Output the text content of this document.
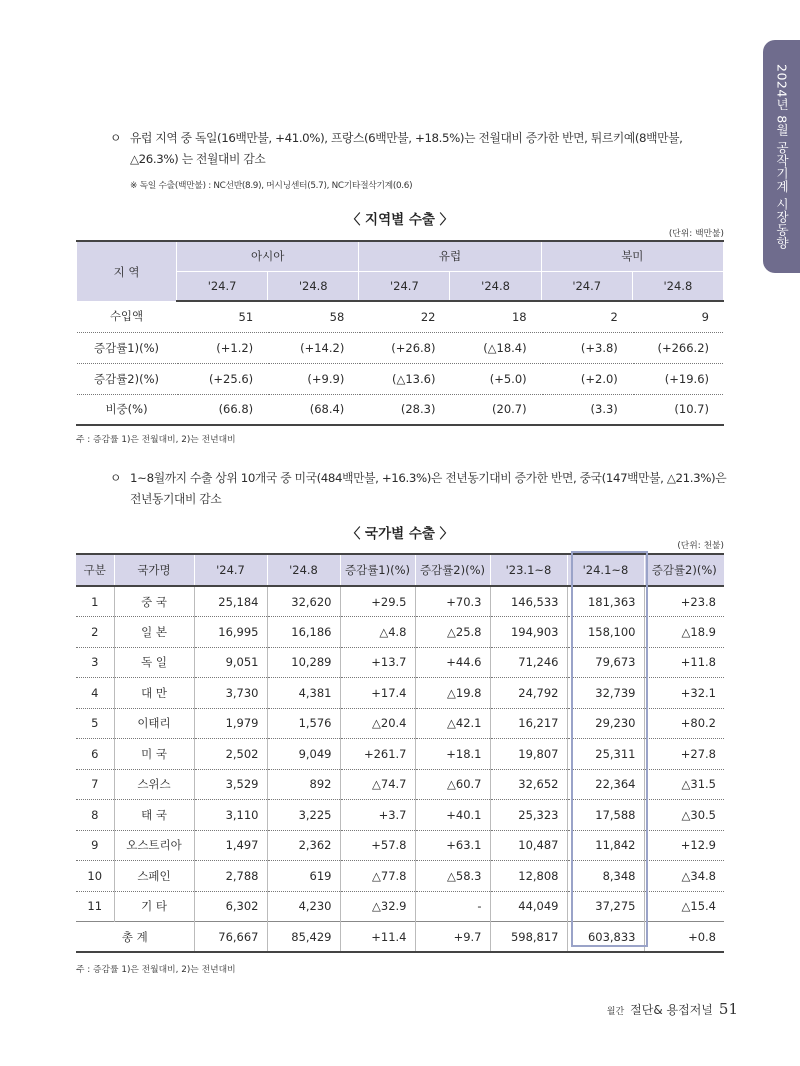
2024년 8월 공작기계 시장동향
ㅇ 유럽 지역 중 독일(16백만불, +41.0%), 프랑스(6백만불, +18.5%)는 전월대비 증가한 반면, 튀르키예(8백만불, △26.3%) 는 전월대비 감소
※ 독일 수출(백만불) : NC선반(8.9), 머시닝센터(5.7), NC기타절삭기계(0.6)
〈 지역별 수출 〉
(단위: 백만불)
지 역	아시아		유럽		북미	
	'24.7	'24.8	'24.7	'24.8	'24.7	'24.8
수입액	51	58	22	18	2	9
증감률1)(%)	(+1.2)	(+14.2)	(+26.8)	(△18.4)	(+3.8)	(+266.2)
증감률2)(%)	(+25.6)	(+9.9)	(△13.6)	(+5.0)	(+2.0)	(+19.6)
비중(%)	(66.8)	(68.4)	(28.3)	(20.7)	(3.3)	(10.7)
주 : 증감률 1)은 전월대비, 2)는 전년대비
ㅇ 1~8월까지 수출 상위 10개국 중 미국(484백만불, +16.3%)은 전년동기대비 증가한 반면, 중국(147백만불, △21.3%)은 전년동기대비 감소
〈 국가별 수출 〉
(단위: 천불)
구분	국가명	'24.7	'24.8	증감률1)(%)	증감률2)(%)	'23.1~8	'24.1~8	증감률2)(%)
1	중 국	25,184	32,620	+29.5	+70.3	146,533	181,363	+23.8
2	일 본	16,995	16,186	△4.8	△25.8	194,903	158,100	△18.9
3	독 일	9,051	10,289	+13.7	+44.6	71,246	79,673	+11.8
4	대 만	3,730	4,381	+17.4	△19.8	24,792	32,739	+32.1
5	이태리	1,979	1,576	△20.4	△42.1	16,217	29,230	+80.2
6	미 국	2,502	9,049	+261.7	+18.1	19,807	25,311	+27.8
7	스위스	3,529	892	△74.7	△60.7	32,652	22,364	△31.5
8	태 국	3,110	3,225	+3.7	+40.1	25,323	17,588	△30.5
9	오스트리아	1,497	2,362	+57.8	+63.1	10,487	11,842	+12.9
10	스페인	2,788	619	△77.8	△58.3	12,808	8,348	△34.8
11	기 타	6,302	4,230	△32.9	-	44,049	37,275	△15.4
총 계		76,667	85,429	+11.4	+9.7	598,817	603,833	+0.8
주 : 증감률 1)은 전월대비, 2)는 전년대비
월간 절단& 용접저널 51
